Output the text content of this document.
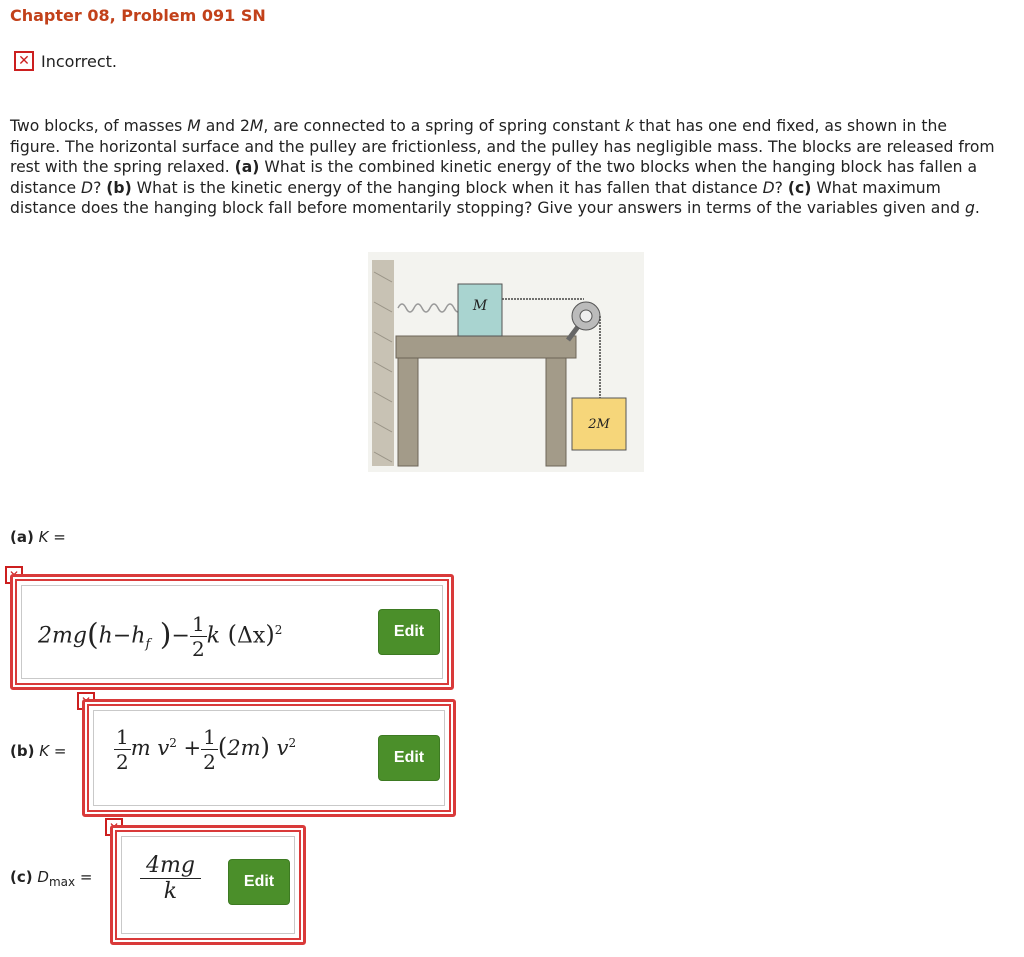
Chapter 08, Problem 091 SN
✕ Incorrect.
Two blocks, of masses M and 2M, are connected to a spring of spring constant k that has one end fixed, as shown in the figure. The horizontal surface and the pulley are frictionless, and the pulley has negligible mass. The blocks are released from rest with the spring relaxed. (a) What is the combined kinetic energy of the two blocks when the hanging block has fallen a distance D? (b) What is the kinetic energy of the hanging block when it has fallen that distance D? (c) What maximum distance does the hanging block fall before momentarily stopping? Give your answers in terms of the variables given and g.
M
2M
(a) K =
$2mg(h-h_f$ )− $\frac{1}{2}$ k $(\Delta x)^2$	Edit
(b) $K = \frac{1}{2}$ m $v^2 + \frac{1}{2} (2m)$ $v^2$
Edit
(c) $D_{max} = \frac{4mg}{k}$	Edit
